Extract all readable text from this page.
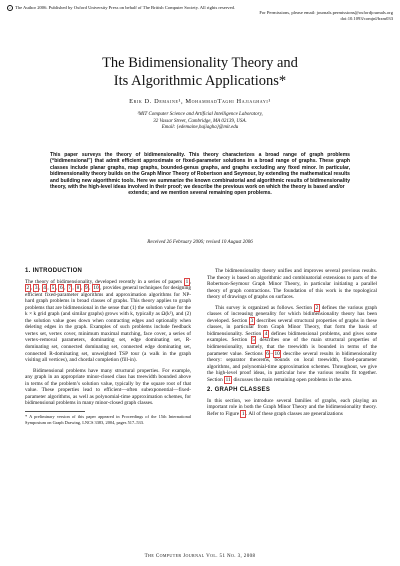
c The Author 2006. Published by Oxford University Press on behalf of The British Computer Society. All rights reserved.
For Permissions, please email: journals.permissions@oxfordjournals.org
doi:10.1093/comjnl/bxm033
The Bidimensionality Theory and
Its Algorithmic Applications*
Erik D. Demaine¹, MohammadTaghi Hajiaghayi¹
¹MIT Computer Science and Artificial Intelligence Laboratory,
32 Vassar Street, Cambridge, MA 02139, USA.
Email: {edemaine,hajiagha}@mit.edu
This paper surveys the theory of bidimensionality. This theory characterizes a broad range of graph problems (“bidimensional”) that admit efficient approximate or fixed-parameter solutions in a broad range of graphs. These graph classes include planar graphs, map graphs, bounded-genus graphs, and graphs excluding any fixed minor. In particular, bidimensionality theory builds on the Graph Minor Theory of Robertson and Seymour, by extending the mathematical results and building new algorithmic tools. Here we summarize the known combinatorial and algorithmic results of bidimensionality theory, with the high-level ideas involved in their proof; we describe the previous work on which the theory is based and/or
extends; and we mention several remaining open problems.
Received 26 February 2006; revised 10 August 2006
1. INTRODUCTION

The theory of bidimensionality, developed recently in a series of papers 1 , 2 , 3 , 4 , 5 , 6 , 7 , 8 , 9 , 10 , provides general techniques for designing efficient fixed-parameter algorithms and approximation algorithms for NP-hard graph problems in broad classes of graphs. This theory applies to graph problems that are bidimensional in the sense that (1) the solution value for the k × k grid graph (and similar graphs) grows with k, typically as Ω(k²), and (2) the solution value goes down when contracting edges and optionally when deleting edges in the graph. Examples of such problems include feedback vertex set, vertex cover, minimum maximal matching, face cover, a series of vertex-removal parameters, dominating set, edge dominating set, R-dominating set, connected dominating set, connected edge dominating set, connected R-dominating set, unweighted TSP tour (a walk in the graph visiting all vertices), and chordal completion (fill-in).

Bidimensional problems have many structural properties. For example, any graph in an appropriate minor-closed class has treewidth bounded above in terms of the problem’s solution value, typically by the square root of that value. These properties lead to efficient—often subexponential—fixed-parameter algorithms, as well as polynomial-time approximation schemes, for bidimensional problems in many minor-closed graph classes.

* A preliminary version of this paper appeared in Proceedings of the 15th International Symposium on Graph Drawing, LNCS 3383, 2004, pages 517–533.

The bidimensionality theory unifies and improves several previous results. The theory is based on algorithmic and combinatorial extensions to parts of the Robertson-Seymour Graph Minor Theory, in particular initiating a parallel theory of graph contractions. The foundation of this work is the topological theory of drawings of graphs on surfaces.

This survey is organized as follows. Section 2 defines the various graph classes of increasing generality for which bidimensionality theory has been developed. Section 3 describes several structural properties of graphs in these classes, in particular from Graph Minor Theory, that form the basis of bidimensionality. Section 4 defines bidimensional problems, and gives some examples. Section 5 describes one of the main structural properties of bidimensionality, namely, that the treewidth is bounded in terms of the parameter value. Sections 6 – 10 describe several results in bidimensionality theory: separator theorems, bounds on local treewidth, fixed-parameter algorithms, and polynomial-time approximation schemes. Throughout, we give the high-level proof ideas, in particular how the various results fit together. Section 11 discusses the main remaining open problems in the area.

2. GRAPH CLASSES

In this section, we introduce several families of graphs, each playing an important role in both the Graph Minor Theory and the bidimensionality theory. Refer to Figure 1 . All of these graph classes are generalizations

The Computer Journal Vol. 51 No. 3, 2008
